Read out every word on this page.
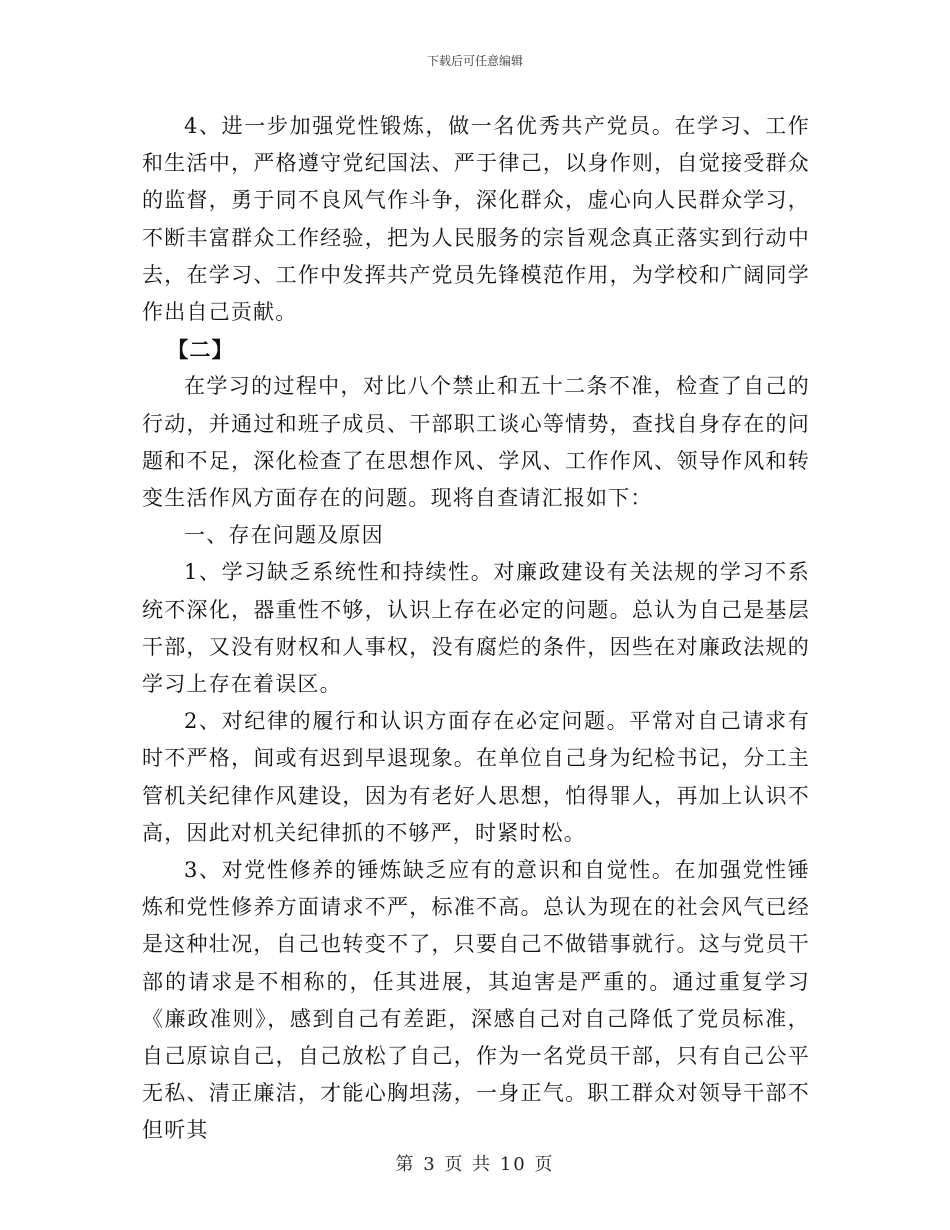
下载后可任意编辑

4、进一步加强党性锻炼，做一名优秀共产党员。在学习、工作和生活中，严格遵守党纪国法、严于律己，以身作则，自觉接受群众的监督，勇于同不良风气作斗争，深化群众，虚心向人民群众学习，不断丰富群众工作经验，把为人民服务的宗旨观念真正落实到行动中去，在学习、工作中发挥共产党员先锋模范作用，为学校和广阔同学作出自己贡献。

【二】

在学习的过程中，对比八个禁止和五十二条不准，检查了自己的行动，并通过和班子成员、干部职工谈心等情势，查找自身存在的问题和不足，深化检查了在思想作风、学风、工作作风、领导作风和转变生活作风方面存在的问题。现将自查请汇报如下：

一、存在问题及原因

1、学习缺乏系统性和持续性。对廉政建设有关法规的学习不系统不深化，器重性不够，认识上存在必定的问题。总认为自己是基层干部，又没有财权和人事权，没有腐烂的条件，因些在对廉政法规的学习上存在着误区。

2、对纪律的履行和认识方面存在必定问题。平常对自己请求有时不严格，间或有迟到早退现象。在单位自己身为纪检书记，分工主管机关纪律作风建设，因为有老好人思想，怕得罪人，再加上认识不高，因此对机关纪律抓的不够严，时紧时松。

3、对党性修养的锤炼缺乏应有的意识和自觉性。在加强党性锤炼和党性修养方面请求不严，标准不高。总认为现在的社会风气已经是这种壮况，自己也转变不了，只要自己不做错事就行。这与党员干部的请求是不相称的，任其进展，其迫害是严重的。通过重复学习《廉政准则》，感到自己有差距，深感自己对自己降低了党员标准，自己原谅自己，自己放松了自己，作为一名党员干部，只有自己公平无私、清正廉洁，才能心胸坦荡，一身正气。职工群众对领导干部不但听其

第 3 页 共 10 页
